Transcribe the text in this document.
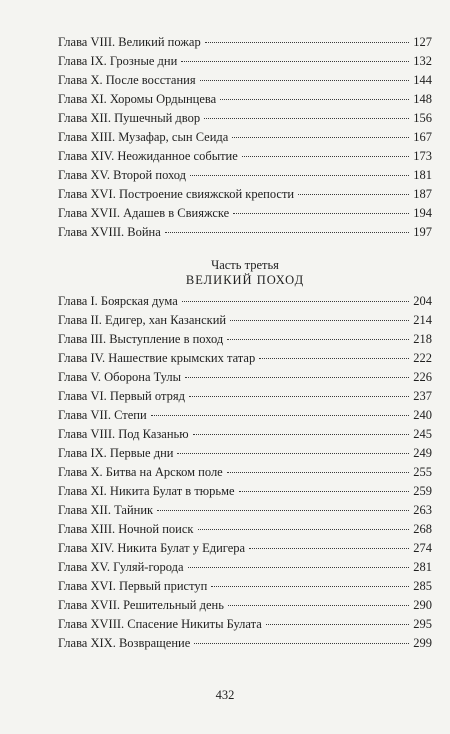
Глава VIII. Великий пожар	127
Глава IX. Грозные дни	132
Глава X. После восстания	144
Глава XI. Хоромы Ордынцева	148
Глава XII. Пушечный двор	156
Глава XIII. Музафар, сын Сеида	167
Глава XIV. Неожиданное событие	173
Глава XV. Второй поход	181
Глава XVI. Построение свияжской крепости	187
Глава XVII. Адашев в Свияжске	194
Глава XVIII. Война	197
Часть третья
ВЕЛИКИЙ ПОХОД
Глава I. Боярская дума	204
Глава II. Едигер, хан Казанский	214
Глава III. Выступление в поход	218
Глава IV. Нашествие крымских татар	222
Глава V. Оборона Тулы	226
Глава VI. Первый отряд	237
Глава VII. Степи	240
Глава VIII. Под Казанью	245
Глава IX. Первые дни	249
Глава X. Битва на Арском поле	255
Глава XI. Никита Булат в тюрьме	259
Глава XII. Тайник	263
Глава XIII. Ночной поиск	268
Глава XIV. Никита Булат у Едигера	274
Глава XV. Гуляй-города	281
Глава XVI. Первый приступ	285
Глава XVII. Решительный день	290
Глава XVIII. Спасение Никиты Булата	295
Глава XIX. Возвращение	299
432
